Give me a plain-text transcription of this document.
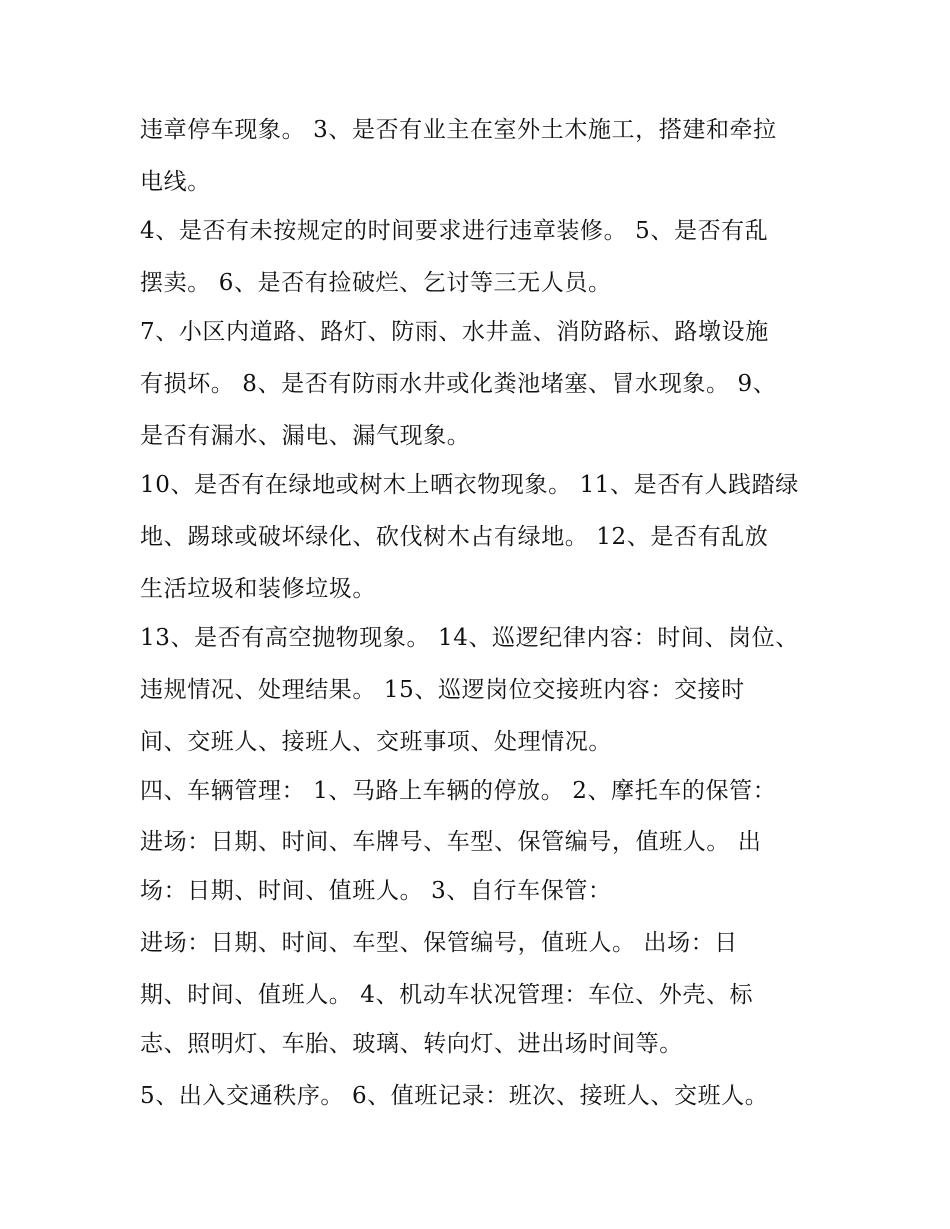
违章停车现象。 3、是否有业主在室外土木施工，搭建和牵拉
电线。
4、是否有未按规定的时间要求进行违章装修。 5、是否有乱
摆卖。 6、是否有捡破烂、乞讨等三无人员。
7、小区内道路、路灯、防雨、水井盖、消防路标、路墩设施
有损坏。 8、是否有防雨水井或化粪池堵塞、冒水现象。 9、
是否有漏水、漏电、漏气现象。
10、是否有在绿地或树木上晒衣物现象。 11、是否有人践踏绿
地、踢球或破坏绿化、砍伐树木占有绿地。 12、是否有乱放
生活垃圾和装修垃圾。
13、是否有高空抛物现象。 14、巡逻纪律内容：时间、岗位、
违规情况、处理结果。 15、巡逻岗位交接班内容：交接时
间、交班人、接班人、交班事项、处理情况。
四、车辆管理： 1、马路上车辆的停放。 2、摩托车的保管：
进场：日期、时间、车牌号、车型、保管编号，值班人。 出
场：日期、时间、值班人。 3、自行车保管：
进场：日期、时间、车型、保管编号，值班人。 出场：日
期、时间、值班人。 4、机动车状况管理：车位、外壳、标
志、照明灯、车胎、玻璃、转向灯、进出场时间等。
5、出入交通秩序。 6、值班记录：班次、接班人、交班人。
